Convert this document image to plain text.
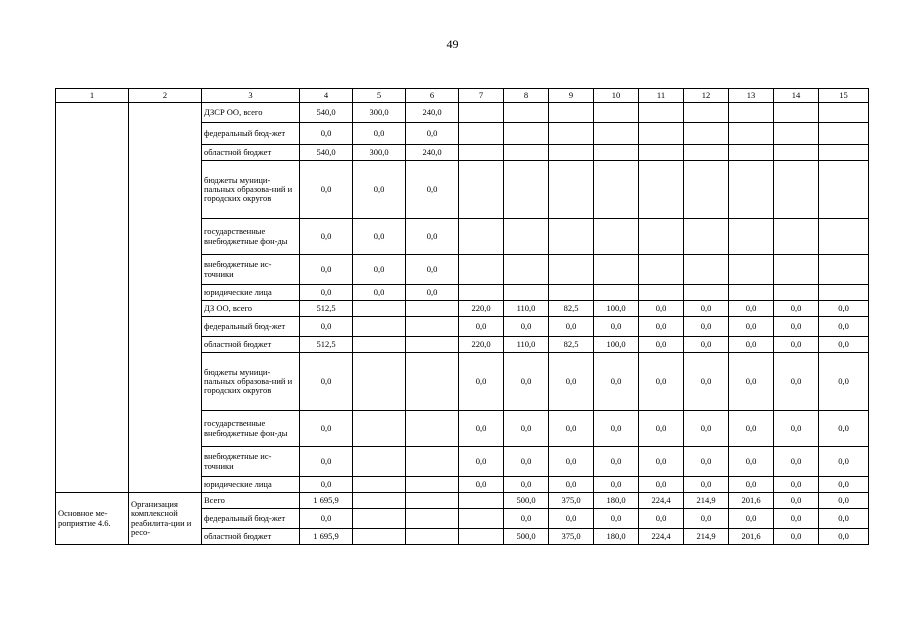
49
1	2	3	4	5	6	7	8	9	10	11	12	13	14	15
		ДЗСР ОО, всего	540,0	300,0	240,0									
		федеральный бюд-жет	0,0	0,0	0,0									
		областной бюджет	540,0	300,0	240,0									
		бюджеты муници-пальных образова-ний и городских округов	0,0	0,0	0,0									
		государственные внебюджетные фон-ды	0,0	0,0	0,0									
		внебюджетные ис-точники	0,0	0,0	0,0									
		юридические лица	0,0	0,0	0,0									
		ДЗ ОО, всего	512,5			220,0	110,0	82,5	100,0	0,0	0,0	0,0	0,0	0,0
		федеральный бюд-жет	0,0			0,0	0,0	0,0	0,0	0,0	0,0	0,0	0,0	0,0
		областной бюджет	512,5			220,0	110,0	82,5	100,0	0,0	0,0	0,0	0,0	0,0
		бюджеты муници-пальных образова-ний и городских округов	0,0			0,0	0,0	0,0	0,0	0,0	0,0	0,0	0,0	0,0
		государственные внебюджетные фон-ды	0,0			0,0	0,0	0,0	0,0	0,0	0,0	0,0	0,0	0,0
		внебюджетные ис-точники	0,0			0,0	0,0	0,0	0,0	0,0	0,0	0,0	0,0	0,0
		юридические лица	0,0			0,0	0,0	0,0	0,0	0,0	0,0	0,0	0,0	0,0
Основное ме-роприятие 4.6.	Организация комплексной реабилита-ции и ресо-	Всего	1 695,9				500,0	375,0	180,0	224,4	214,9	201,6	0,0	0,0
		федеральный бюд-жет	0,0				0,0	0,0	0,0	0,0	0,0	0,0	0,0	0,0
		областной бюджет	1 695,9				500,0	375,0	180,0	224,4	214,9	201,6	0,0	0,0
